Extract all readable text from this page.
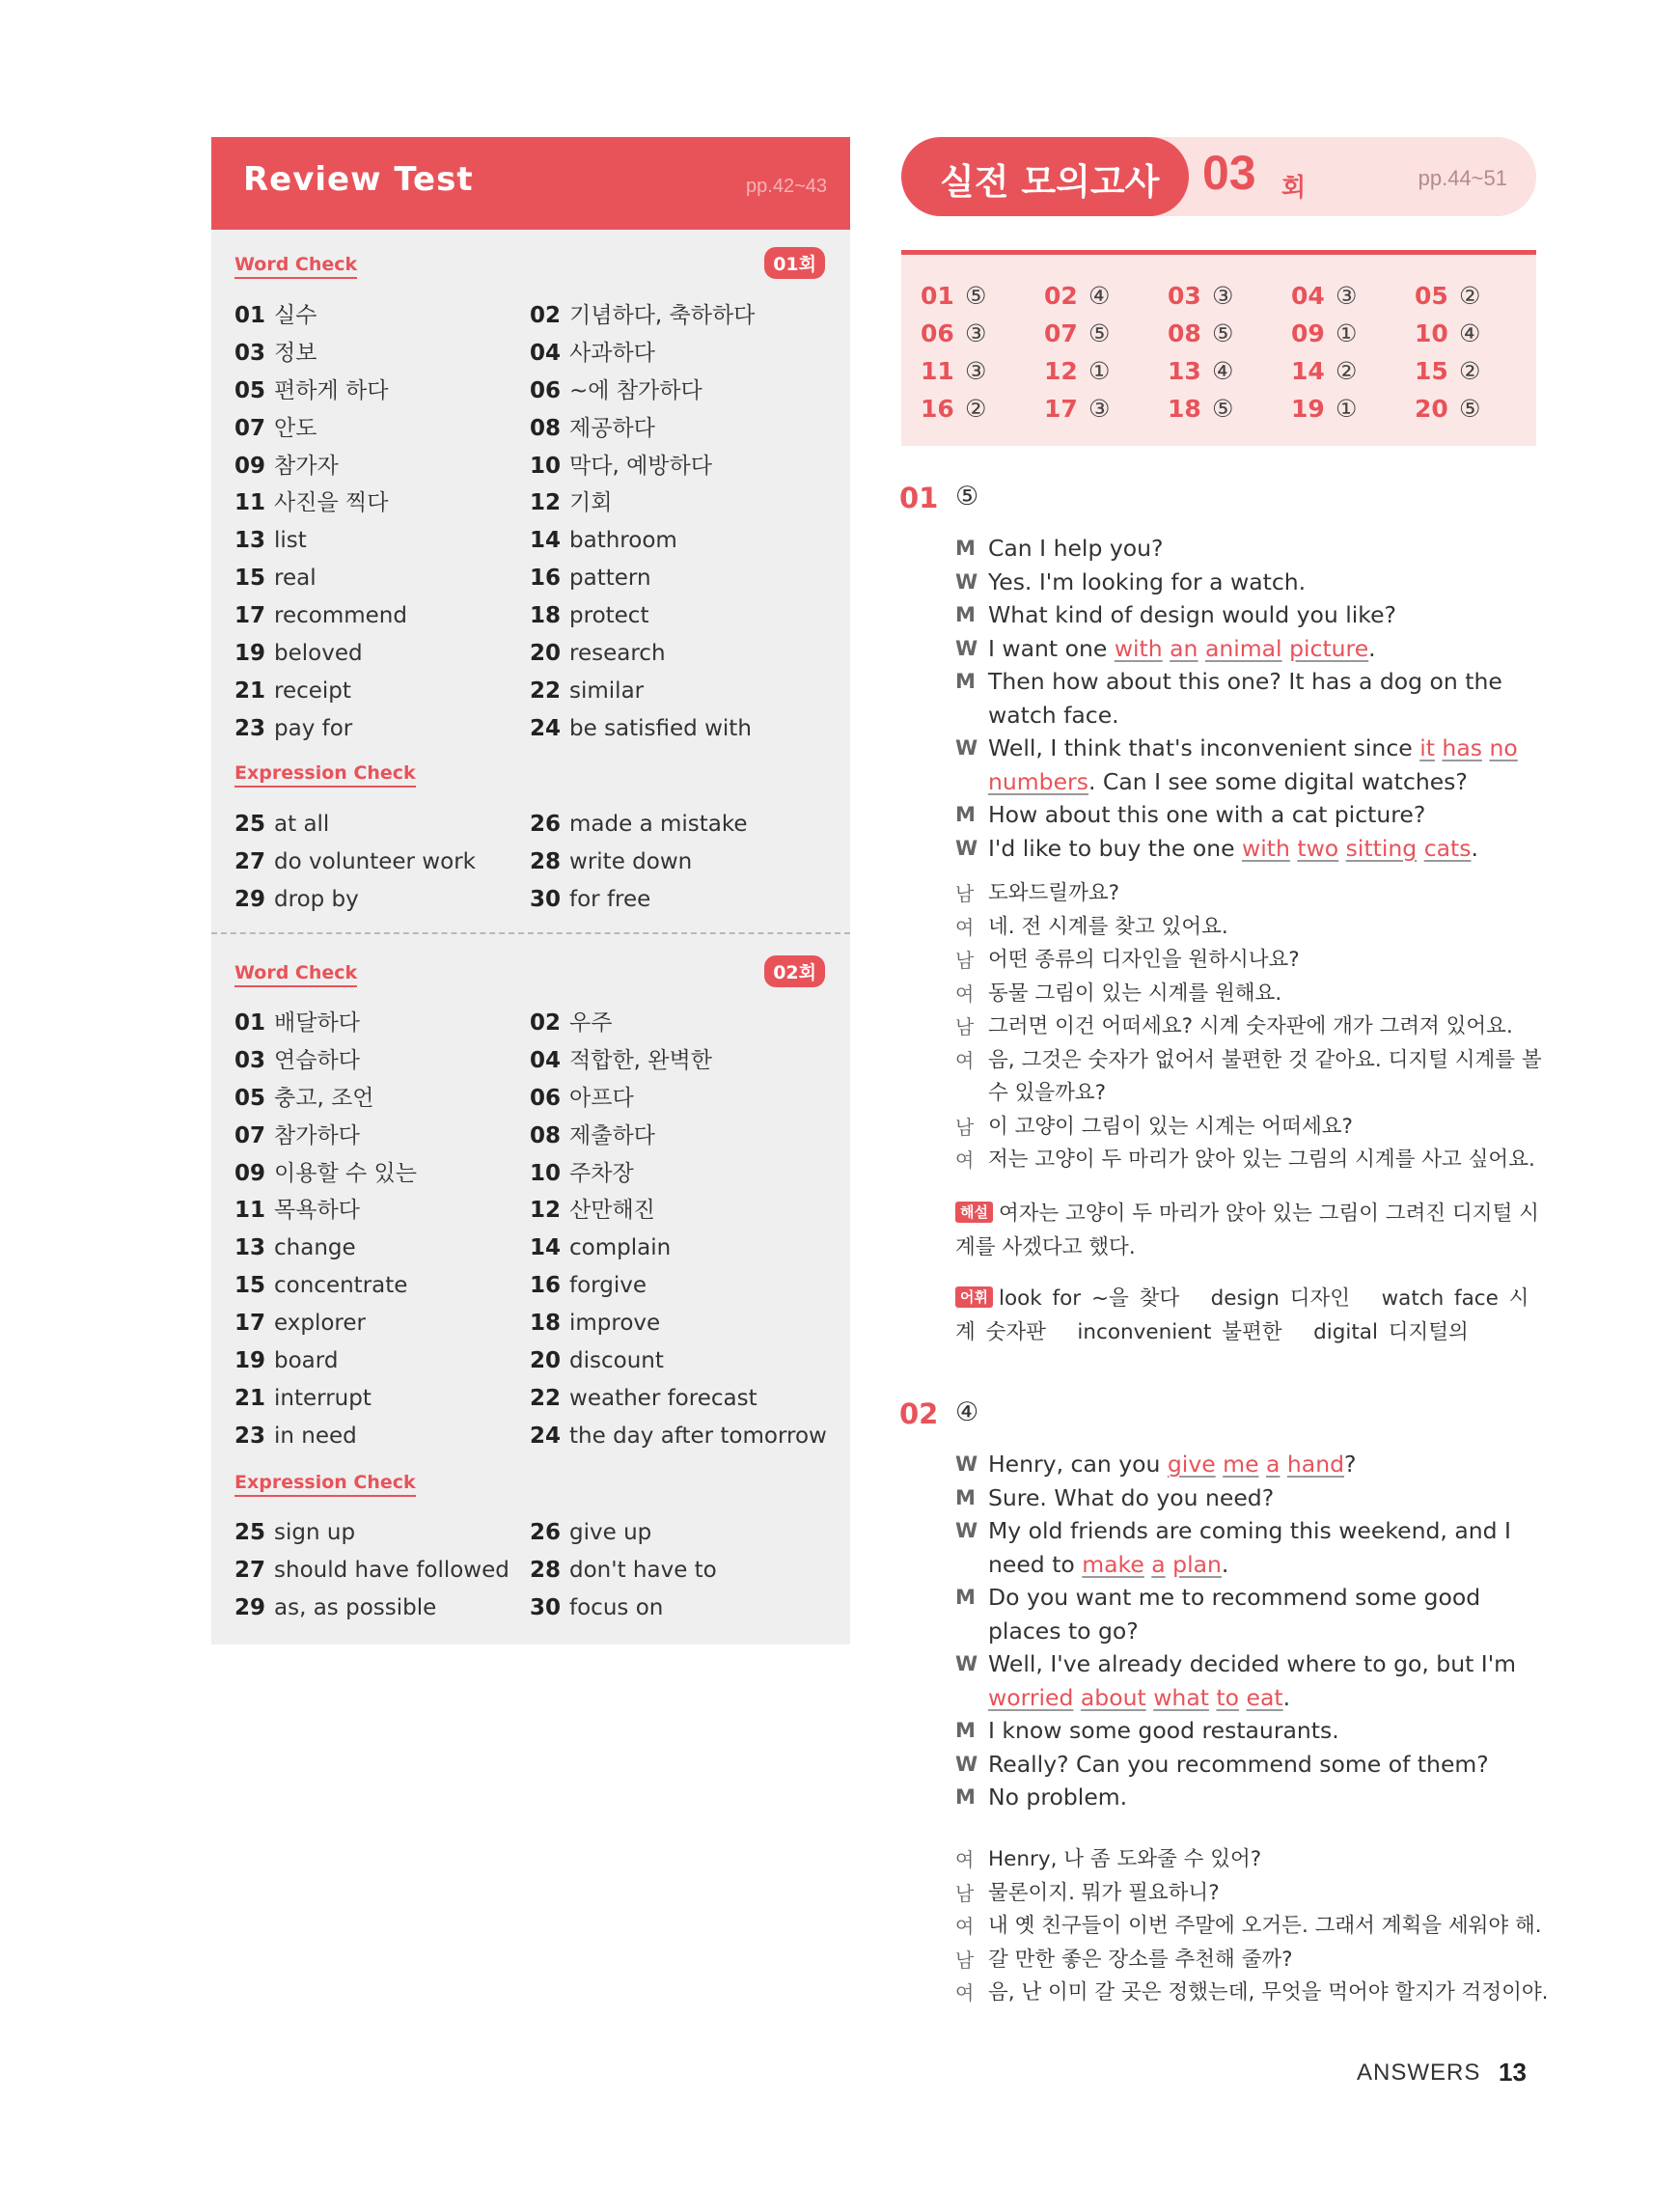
Review Test	pp.42~43
Word Check	01회
01 실수	02 기념하다, 축하하다
03 정보	04 사과하다
05 편하게 하다	06 ~에 참가하다
07 안도	08 제공하다
09 참가자	10 막다, 예방하다
11 사진을 찍다	12 기회
13 list	14 bathroom
15 real	16 pattern
17 recommend	18 protect
19 beloved	20 research
21 receipt	22 similar
23 pay for	24 be satisfied with
Expression Check
25 at all	26 made a mistake
27 do volunteer work	28 write down
29 drop by	30 for free
Word Check	02회
01 배달하다	02 우주
03 연습하다	04 적합한, 완벽한
05 충고, 조언	06 아프다
07 참가하다	08 제출하다
09 이용할 수 있는	10 주차장
11 목욕하다	12 산만해진
13 change	14 complain
15 concentrate	16 forgive
17 explorer	18 improve
19 board	20 discount
21 interrupt	22 weather forecast
23 in need	24 the day after tomorrow
Expression Check
25 sign up	26 give up
27 should have followed 28 don't have to
29 as, as possible	30 focus on
실전 모의고사 03 회	pp.44~51
01 ⑤	02 ④	03 ③	04 ③	05 ②
06 ③	07 ⑤	08 ⑤	09 ①	10 ④
11 ③	12 ①	13 ④	14 ②	15 ②
16 ②	17 ③	18 ⑤	19 ①	20 ⑤
01 ⑤
M Can I help you?
W Yes. I'm looking for a watch.
M What kind of design would you like?
W I want one with an animal picture.
M Then how about this one? It has a dog on the watch face.
W Well, I think that's inconvenient since it has no numbers. Can I see some digital watches?
M How about this one with a cat picture?
W I'd like to buy the one with two sitting cats.
남 도와드릴까요?
여 네. 전 시계를 찾고 있어요.
남 어떤 종류의 디자인을 원하시나요?
여 동물 그림이 있는 시계를 원해요.
남 그러면 이건 어떠세요? 시계 숫자판에 개가 그려져 있어요.
여 음, 그것은 숫자가 없어서 불편한 것 같아요. 디지털 시계를 볼 수 있을까요?
남 이 고양이 그림이 있는 시계는 어떠세요?
여 저는 고양이 두 마리가 앉아 있는 그림의 시계를 사고 싶어요.
해설 여자는 고양이 두 마리가 앉아 있는 그림이 그려진 디지털 시계를 사겠다고 했다.
어휘 look for ~을 찾다   design 디자인   watch face 시계 숫자판   inconvenient 불편한   digital 디지털의
02 ④
W Henry, can you give me a hand?
M Sure. What do you need?
W My old friends are coming this weekend, and I need to make a plan.
M Do you want me to recommend some good places to go?
W Well, I've already decided where to go, but I'm worried about what to eat.
M I know some good restaurants.
W Really? Can you recommend some of them?
M No problem.
여 Henry, 나 좀 도와줄 수 있어?
남 물론이지. 뭐가 필요하니?
여 내 옛 친구들이 이번 주말에 오거든. 그래서 계획을 세워야 해.
남 갈 만한 좋은 장소를 추천해 줄까?
여 음, 난 이미 갈 곳은 정했는데, 무엇을 먹어야 할지가 걱정이야.
ANSWERS 13
